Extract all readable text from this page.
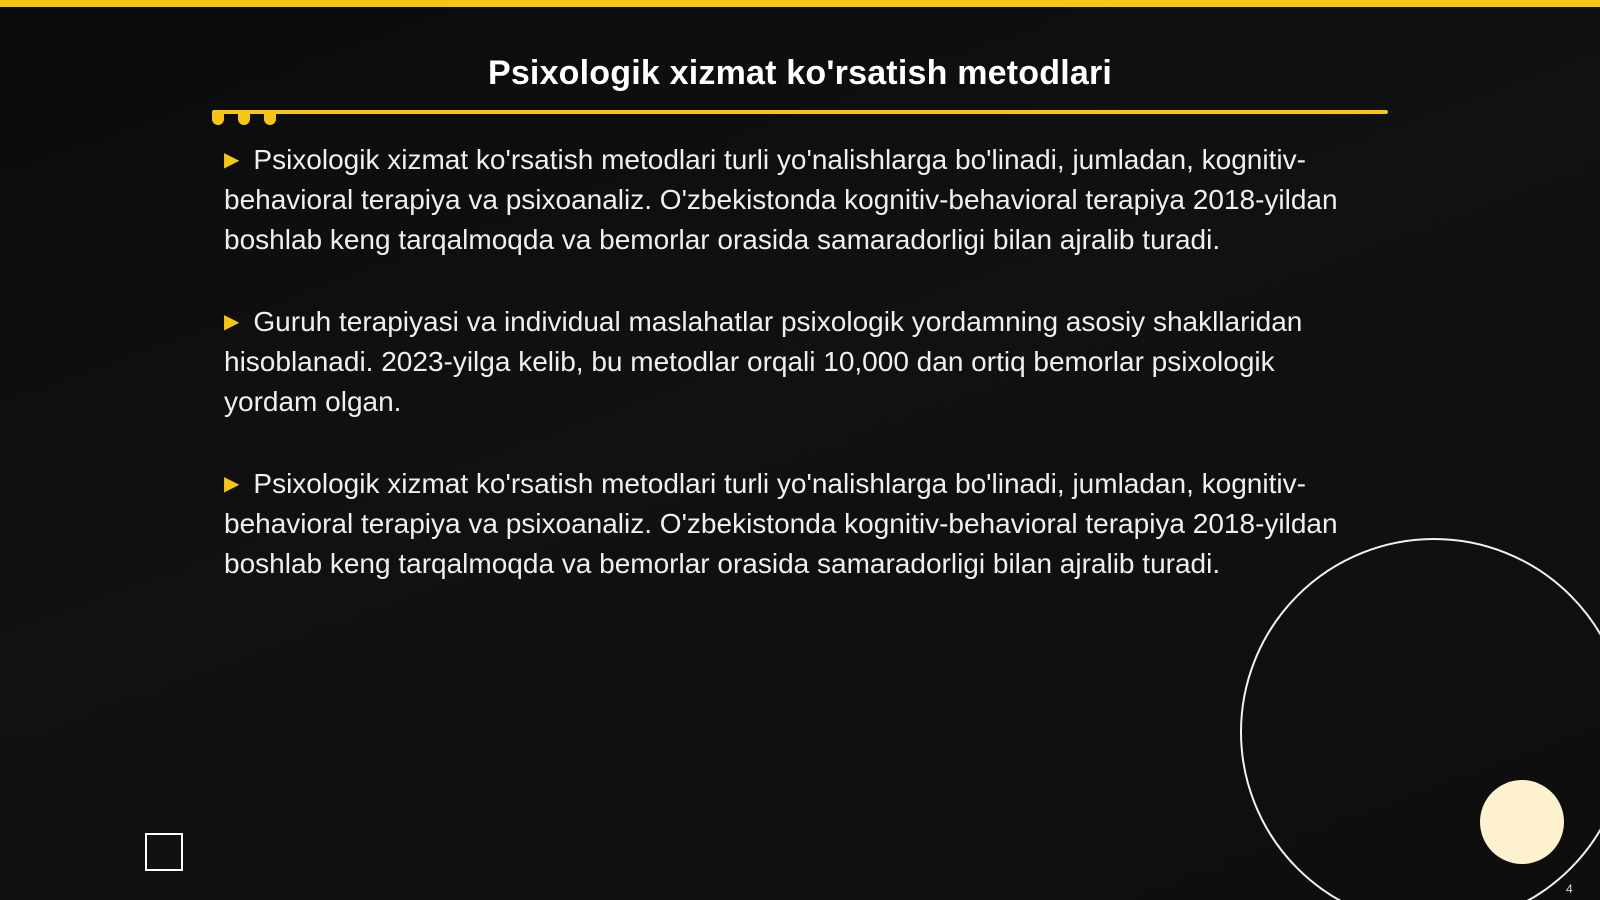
Psixologik xizmat ko'rsatish metodlari

▶ Psixologik xizmat ko'rsatish metodlari turli yo'nalishlarga bo'linadi, jumladan, kognitiv-behavioral terapiya va psixoanaliz. O'zbekistonda kognitiv-behavioral terapiya 2018-yildan boshlab keng tarqalmoqda va bemorlar orasida samaradorligi bilan ajralib turadi.

▶ Guruh terapiyasi va individual maslahatlar psixologik yordamning asosiy shakllaridan hisoblanadi. 2023-yilga kelib, bu metodlar orqali 10,000 dan ortiq bemorlar psixologik yordam olgan.

▶ Psixologik xizmat ko'rsatish metodlari turli yo'nalishlarga bo'linadi, jumladan, kognitiv-behavioral terapiya va psixoanaliz. O'zbekistonda kognitiv-behavioral terapiya 2018-yildan boshlab keng tarqalmoqda va bemorlar orasida samaradorligi bilan ajralib turadi.

4
